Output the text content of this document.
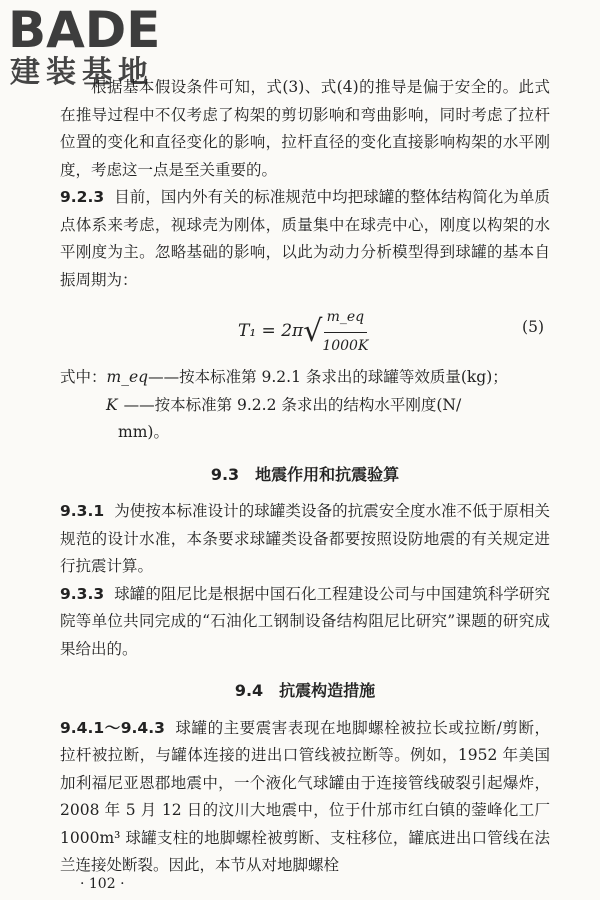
BADE
建装基地

根据基本假设条件可知，式(3)、式(4)的推导是偏于安全的。此式在推导过程中不仅考虑了构架的剪切影响和弯曲影响，同时考虑了拉杆位置的变化和直径变化的影响，拉杆直径的变化直接影响构架的水平刚度，考虑这一点是至关重要的。

9.2.3 目前，国内外有关的标准规范中均把球罐的整体结构简化为单质点体系来考虑，视球壳为刚体，质量集中在球壳中心，刚度以构架的水平刚度为主。忽略基础的影响，以此为动力分析模型得到球罐的基本自振周期为：

T₁ = 2π √ $\frac{m\_eq}{1000K}$	(5)
式中： m_eq ——按本标准第 9.2.1 条求出的球罐等效质量(kg)；
K ——按本标准第 9.2.2 条求出的结构水平刚度(N/
mm)。
9.3　地震作用和抗震验算

9.3.1 为使按本标准设计的球罐类设备的抗震安全度水准不低于原相关规范的设计水准，本条要求球罐类设备都要按照设防地震的有关规定进行抗震计算。

9.3.3 球罐的阻尼比是根据中国石化工程建设公司与中国建筑科学研究院等单位共同完成的“石油化工钢制设备结构阻尼比研究”课题的研究成果给出的。

9.4　抗震构造措施

9.4.1～9.4.3 球罐的主要震害表现在地脚螺栓被拉长或拉断/剪断，拉杆被拉断，与罐体连接的进出口管线被拉断等。例如，1952 年美国加利福尼亚恩郡地震中，一个液化气球罐由于连接管线破裂引起爆炸，2008 年 5 月 12 日的汶川大地震中，位于什邡市红白镇的蓥峰化工厂 1000m³ 球罐支柱的地脚螺栓被剪断、支柱移位，罐底进出口管线在法兰连接处断裂。因此，本节从对地脚螺栓

· 102 ·
